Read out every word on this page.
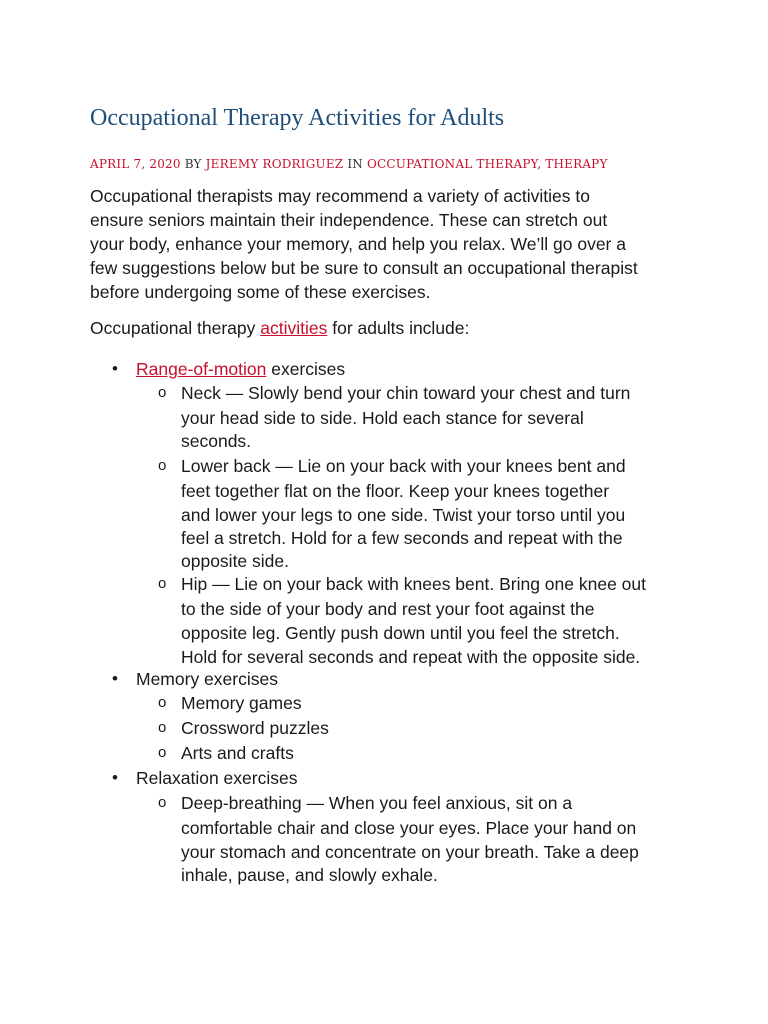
Occupational Therapy Activities for Adults
APRIL 7, 2020 BY JEREMY RODRIGUEZ IN OCCUPATIONAL THERAPY, THERAPY

Occupational therapists may recommend a variety of activities to
ensure seniors maintain their independence. These can stretch out
your body, enhance your memory, and help you relax. We’ll go over a
few suggestions below but be sure to consult an occupational therapist
before undergoing some of these exercises.

Occupational therapy activities for adults include:

• Range-of-motion exercises
o Neck — Slowly bend your chin toward your chest and turn
your head side to side. Hold each stance for several
seconds.
o Lower back — Lie on your back with your knees bent and
feet together flat on the floor. Keep your knees together
and lower your legs to one side. Twist your torso until you
feel a stretch. Hold for a few seconds and repeat with the
opposite side.
o Hip — Lie on your back with knees bent. Bring one knee out
to the side of your body and rest your foot against the
opposite leg. Gently push down until you feel the stretch.
Hold for several seconds and repeat with the opposite side.
• Memory exercises
o Memory games
o Crossword puzzles
o Arts and crafts
• Relaxation exercises
o Deep-breathing — When you feel anxious, sit on a
comfortable chair and close your eyes. Place your hand on
your stomach and concentrate on your breath. Take a deep
inhale, pause, and slowly exhale.
